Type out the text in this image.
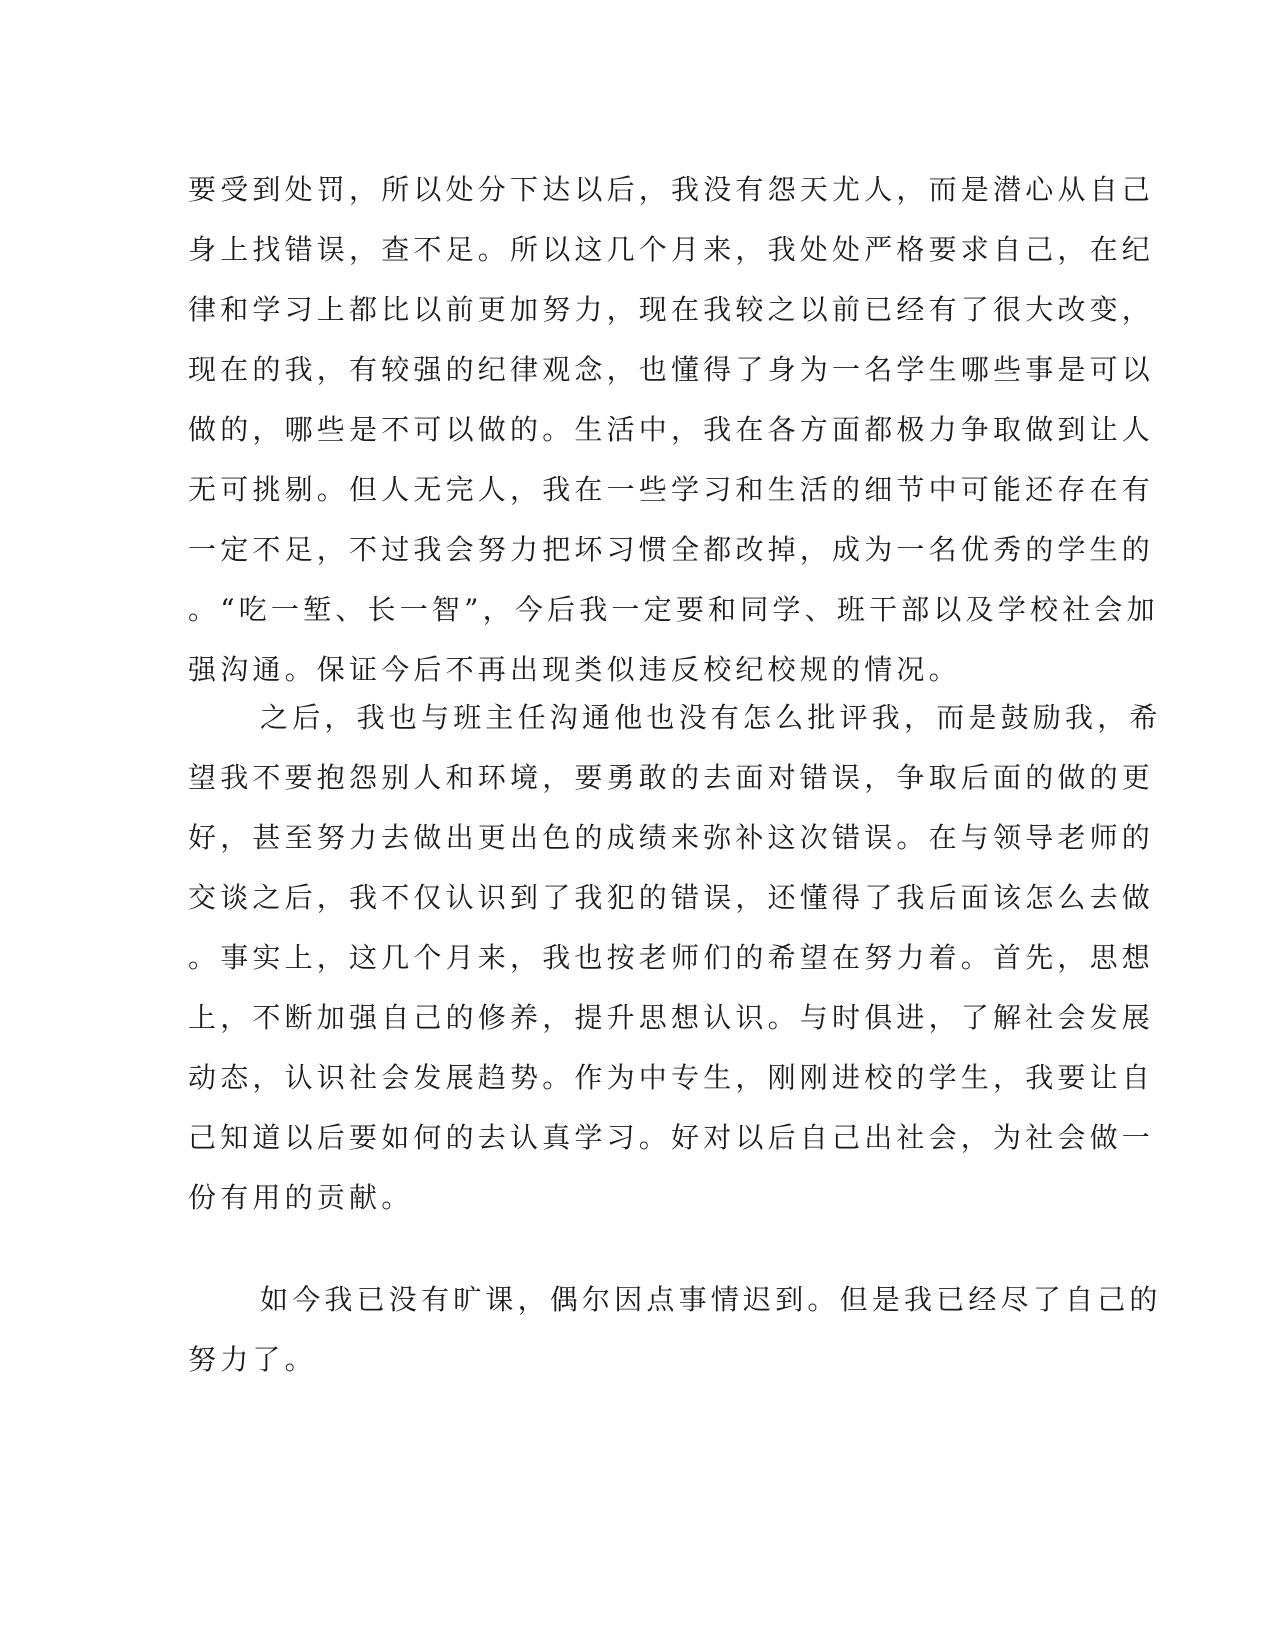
要受到处罚，所以处分下达以后，我没有怨天尤人，而是潜心从自己
身上找错误，查不足。所以这几个月来，我处处严格要求自己，在纪
律和学习上都比以前更加努力，现在我较之以前已经有了很大改变，
现在的我，有较强的纪律观念，也懂得了身为一名学生哪些事是可以
做的，哪些是不可以做的。生活中，我在各方面都极力争取做到让人
无可挑剔。但人无完人，我在一些学习和生活的细节中可能还存在有
一定不足，不过我会努力把坏习惯全都改掉，成为一名优秀的学生的
。“吃一堑、长一智”，今后我一定要和同学、班干部以及学校社会加
强沟通。保证今后不再出现类似违反校纪校规的情况。
之后，我也与班主任沟通他也没有怎么批评我，而是鼓励我，希
望我不要抱怨别人和环境，要勇敢的去面对错误，争取后面的做的更
好，甚至努力去做出更出色的成绩来弥补这次错误。在与领导老师的
交谈之后，我不仅认识到了我犯的错误，还懂得了我后面该怎么去做
。事实上，这几个月来，我也按老师们的希望在努力着。首先，思想
上，不断加强自己的修养，提升思想认识。与时俱进，了解社会发展
动态，认识社会发展趋势。作为中专生，刚刚进校的学生，我要让自
己知道以后要如何的去认真学习。好对以后自己出社会，为社会做一
份有用的贡献。
如今我已没有旷课，偶尔因点事情迟到。但是我已经尽了自己的
努力了。
